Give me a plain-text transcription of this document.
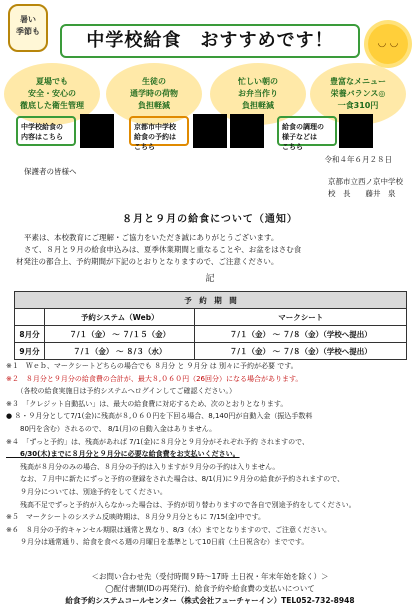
暑い
季節も	中学校給食　おすすめです！	◡ ◡
夏場でも
安全・安心の
徹底した衛生管理
生徒の
通学時の荷物
負担軽減
忙しい朝の
お弁当作り
負担軽減
豊富なメニュー
栄養バランス◎
一食310円
中学校給食の
内容はこちら
京都市中学校
給食の予約は
こちら
給食の調理の
様子などは
こちら
令和４年６月２８日
保護者の皆様へ
京都市立西ノ京中学校
校　長　　藤井　泉
８月と９月の給食について（通知）
平素は、本校教育にご理解・ご協力をいただき誠にありがとうございます。
さて、８月と９月の給食申込みは、夏季休業期間と重なることや、お盆をはさむ食
材発注の都合上、予約期間が下記のとおりとなりますので、ご注意ください。
記
予　約　期　間		
	予約システム（Web）	マークシート
8月分	７/１（金） 〜 ７/１５（金）	７/１（金） 〜 ７/８（金）（学校へ提出）
9月分	７/１（金） 〜 ８/３（水）	７/１（金） 〜 ７/８（金）（学校へ提出）
※１　Ｗｅｂ、マークシートどちらの場合でも ８月分 と ９月分 は 別々に予約が必要 です。
※２　８月分と９月分の給食費の合計が、最大８,０６０円（26回分）になる場合があります。
　　（各校の給食実施日は予約システムへログインしてご確認ください。）
※３　「クレジット自動払い」は、最大の給食費に対応するため、次のとおりとなります。
● ８・９月分として7/1(金)に残高が８,０６０円を下回る場合、8,140円が自動入金（振込手数料
　　80円を含む）されるので、 8/1(月)の自動入金はありません。
※４　「ずっと予約」は、残高があれば 7/1(金)に８月分と９月分がそれぞれ予約 されますので、
　　6/30(木)までに８月分と９月分に必要な給食費をお支払いください。
　　残高が８月分のみの場合、８月分の予約は入りますが９月分の予約は入りません。
　　なお、７月中に新たにずっと予約の登録をされた場合は、8/1(月)に９月分の給食が予約されますので、
　　９月分については、別途予約をしてください。
　　残高不足でずっと予約が入らなかった場合は、予約が切り替わりますので各自で別途予約をしてください。
※５　マークシートのシステム反映時期は、８月分９月分ともに 7/15(金)中です。
※６　８月分の予約キャンセル期限は通常と異なり、8/3（水）までとなりますので、ご注意ください。
　　９月分は通常通り、給食を食べる週の月曜日を基準として10日前（土日祝含む）までです。
＜お問い合わせ先（受付時間９時〜17時 土日祝・年末年始を除く）＞
◯配付書類(IDの再発行)、給食予約や給食費の支払いについて
給食予約システムコールセンター（株式会社フューチャーイン）TEL052-732-8948
